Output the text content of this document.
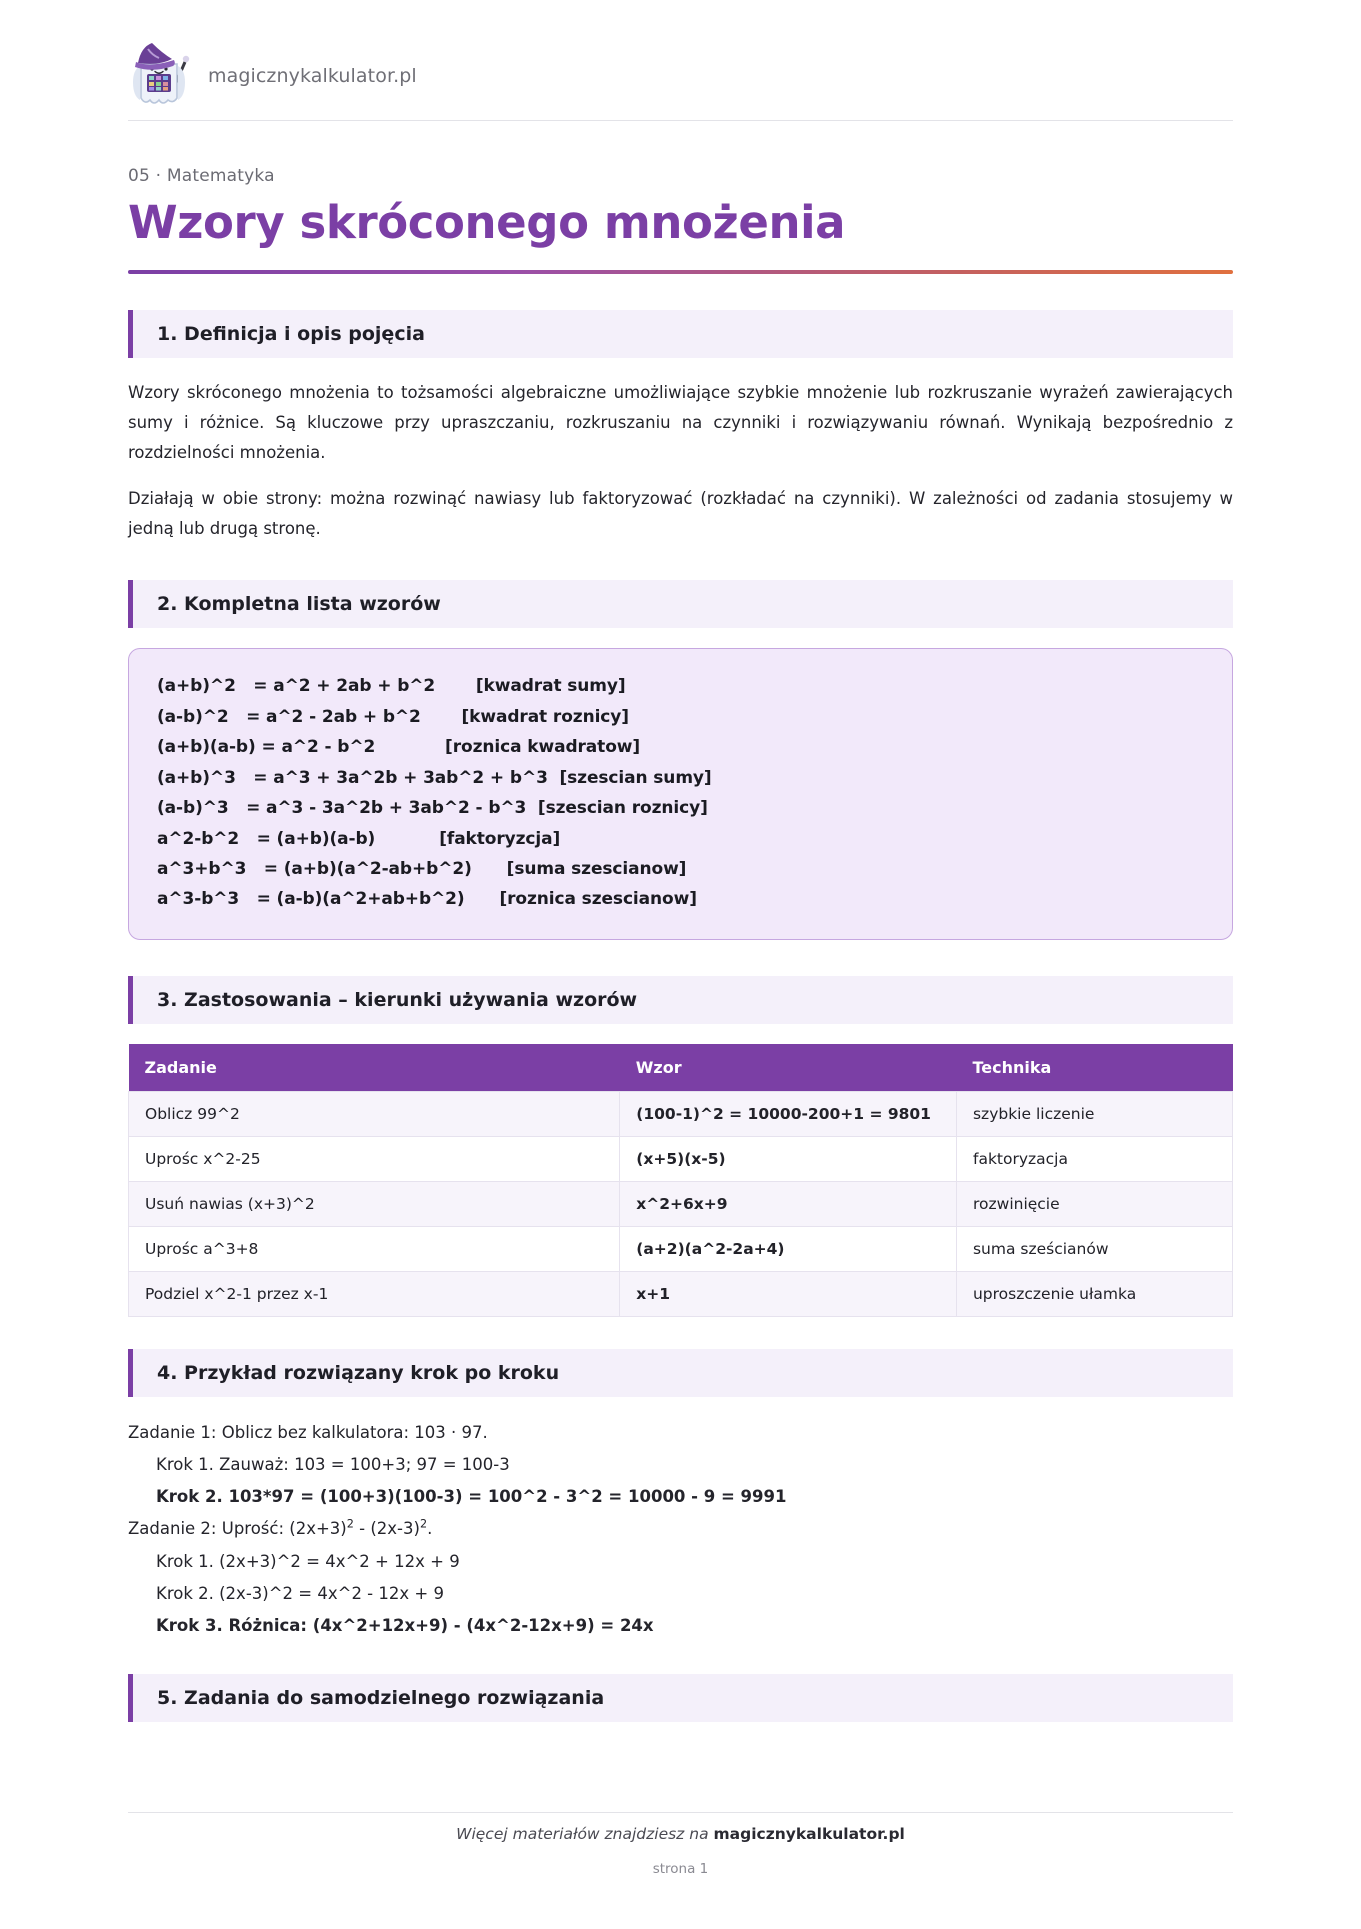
magicznykalkulator.pl
05 · Matematyka
Wzory skróconego mnożenia
1. Definicja i opis pojęcia

Wzory skróconego mnożenia to tożsamości algebraiczne umożliwiające szybkie mnożenie lub rozkruszanie wyrażeń zawierających sumy i różnice. Są kluczowe przy upraszczaniu, rozkruszaniu na czynniki i rozwiązywaniu równań. Wynikają bezpośrednio z rozdzielności mnożenia.

Działają w obie strony: można rozwinąć nawiasy lub faktoryzować (rozkładać na czynniki). W zależności od zadania stosujemy w jedną lub drugą stronę.

2. Kompletna lista wzorów
(a+b)^2   = a^2 + 2ab + b^2       [kwadrat sumy]
(a-b)^2   = a^2 - 2ab + b^2       [kwadrat roznicy]
(a+b)(a-b) = a^2 - b^2            [roznica kwadratow]
(a+b)^3   = a^3 + 3a^2b + 3ab^2 + b^3  [szescian sumy]
(a-b)^3   = a^3 - 3a^2b + 3ab^2 - b^3  [szescian roznicy]
a^2-b^2   = (a+b)(a-b)           [faktoryzcja]
a^3+b^3   = (a+b)(a^2-ab+b^2)      [suma szescianow]
a^3-b^3   = (a-b)(a^2+ab+b^2)      [roznica szescianow]
3. Zastosowania – kierunki używania wzorów
Zadanie	Wzor	Technika
Oblicz 99^2	(100-1)^2 = 10000-200+1 = 9801	szybkie liczenie
Uprośc x^2-25	(x+5)(x-5)	faktoryzacja
Usuń nawias (x+3)^2	x^2+6x+9	rozwinięcie
Uprośc a^3+8	(a+2)(a^2-2a+4)	suma sześcianów
Podziel x^2-1 przez x-1	x+1	uproszczenie ułamka
4. Przykład rozwiązany krok po kroku
Zadanie 1: Oblicz bez kalkulatora: 103 · 97.
Krok 1. Zauważ: 103 = 100+3; 97 = 100-3
Krok 2. 103*97 = (100+3)(100-3) = 100^2 - 3^2 = 10000 - 9 = 9991
Zadanie 2: Uprość: $(2x+3)^2 - (2x-3)^2$.
Krok 1. (2x+3)^2 = 4x^2 + 12x + 9
Krok 2. (2x-3)^2 = 4x^2 - 12x + 9
Krok 3. Różnica: (4x^2+12x+9) - (4x^2-12x+9) = 24x
5. Zadania do samodzielnego rozwiązania
Więcej materiałów znajdziesz na magicznykalkulator.pl
strona 1
